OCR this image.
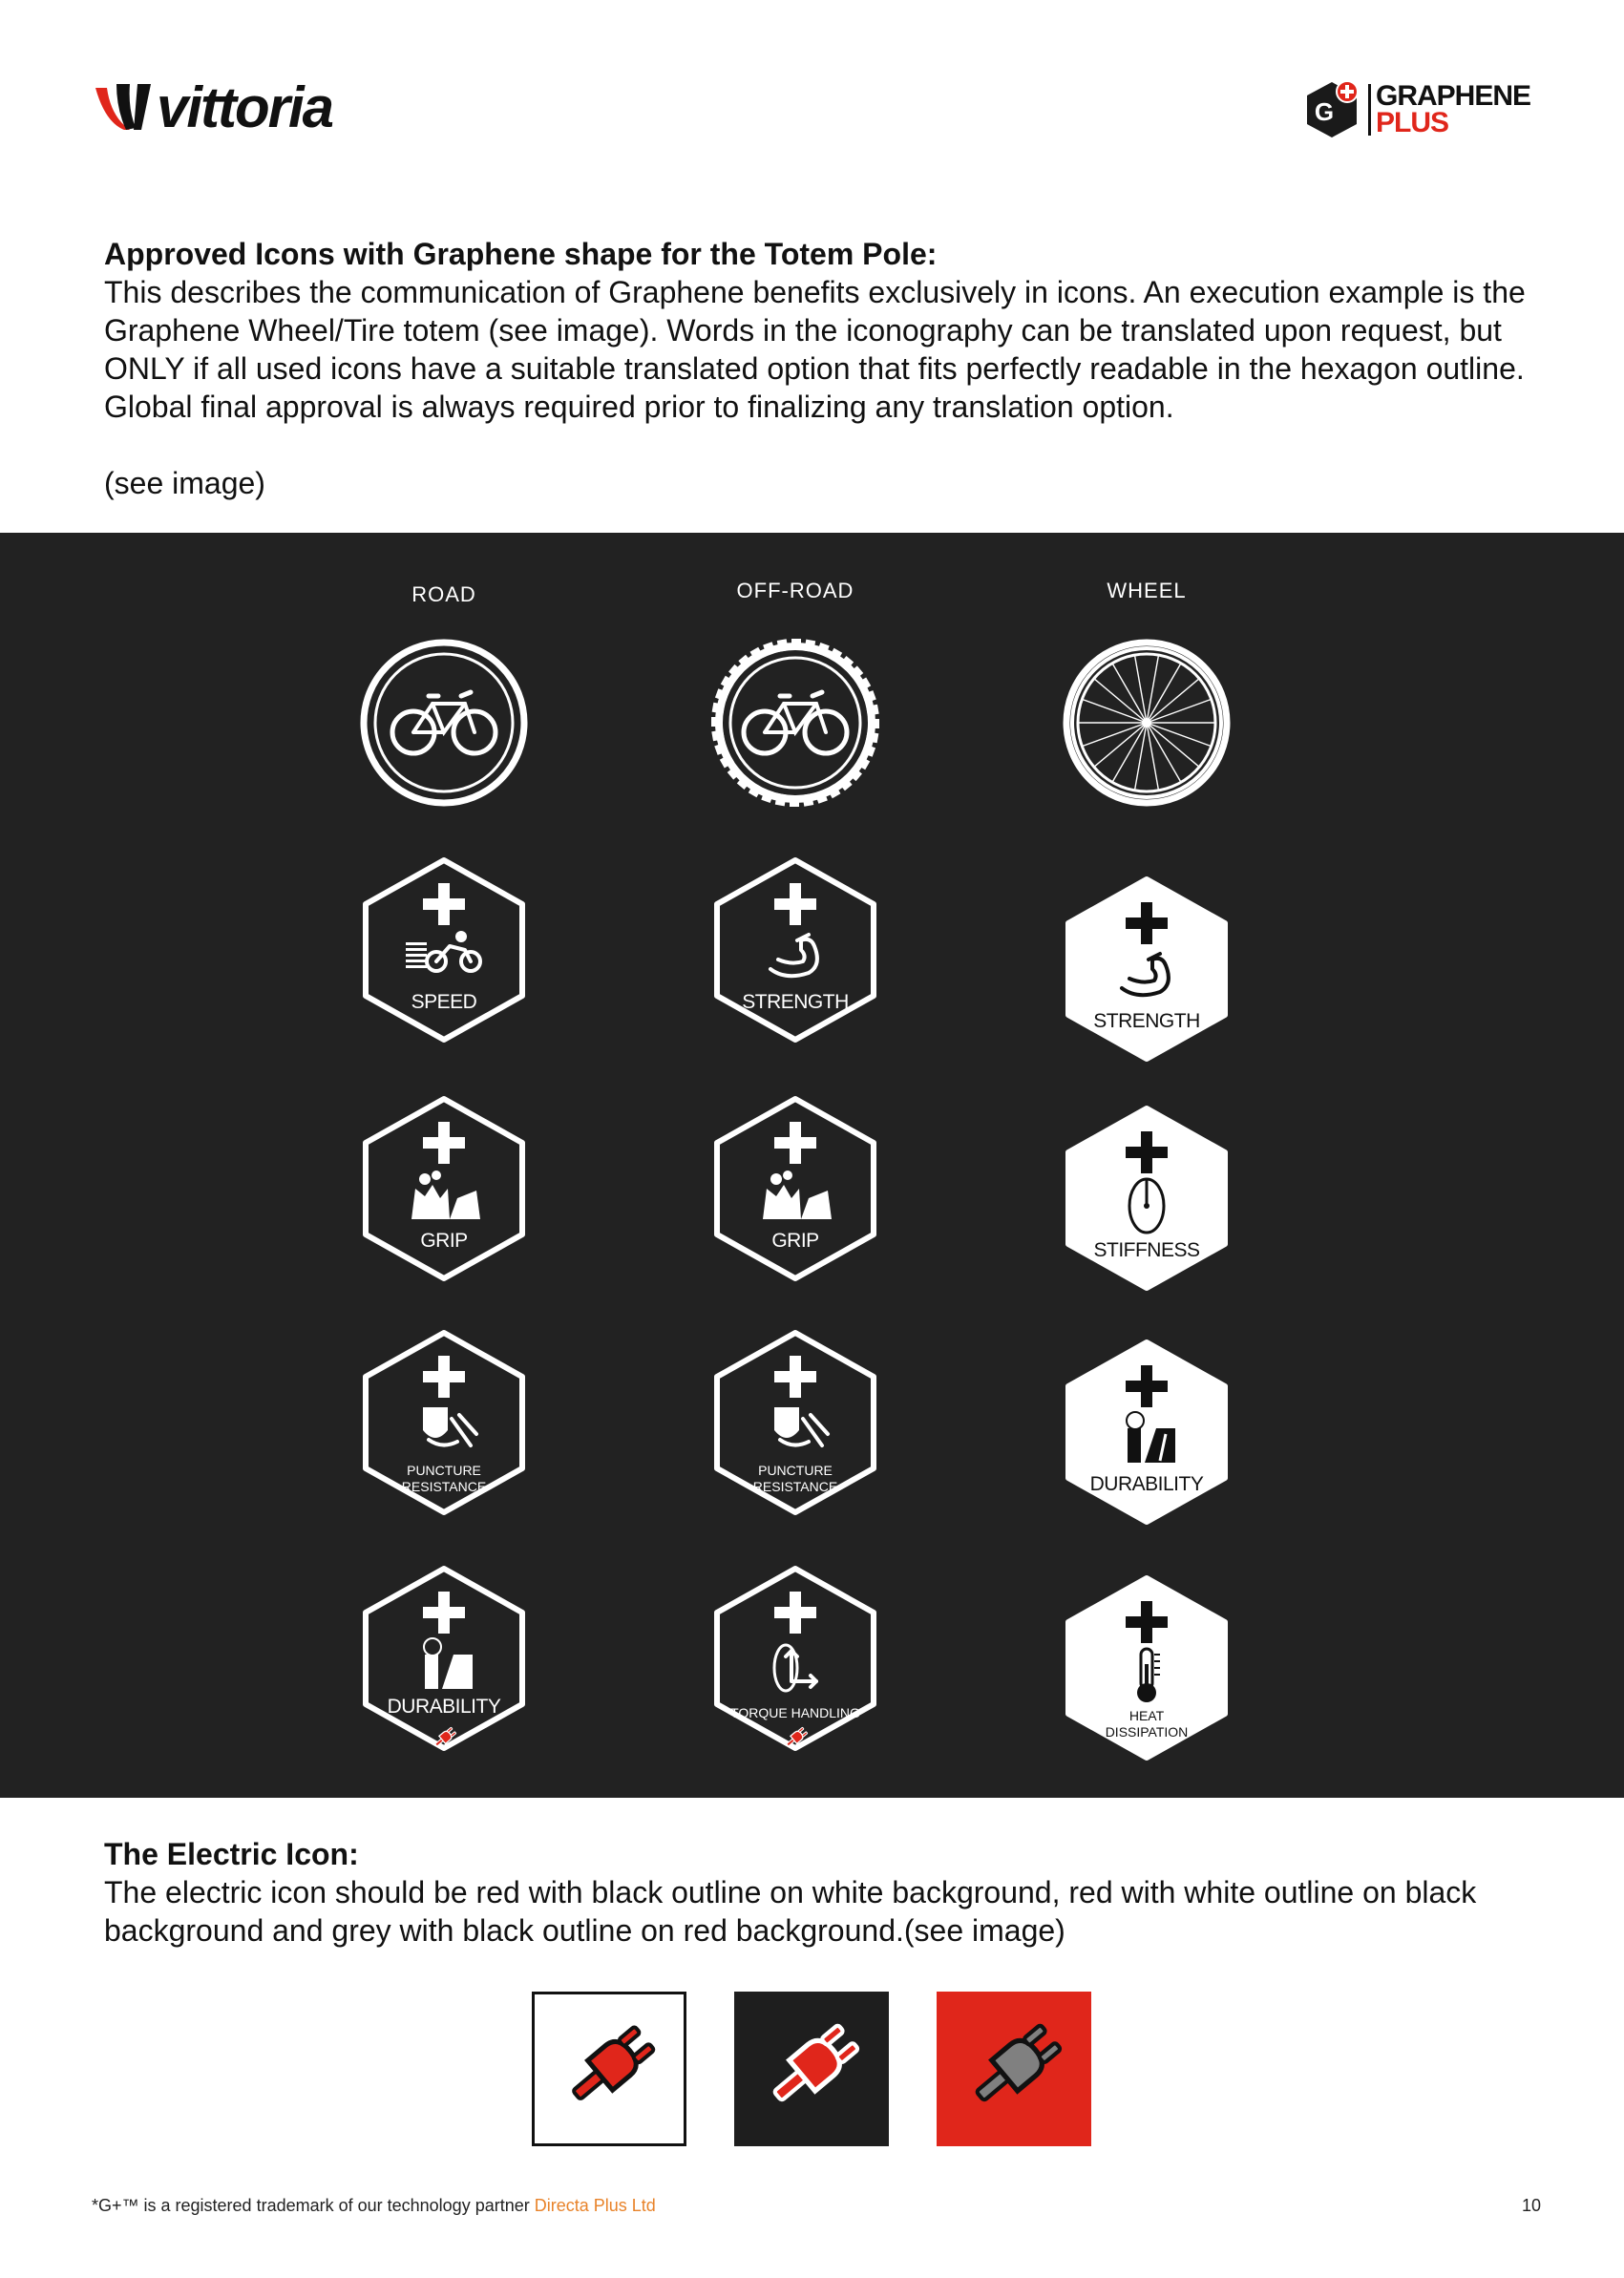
vittoria	G GRAPHENE
PLUS
Approved Icons with Graphene shape for the Totem Pole:

This describes the communication of Graphene benefits exclusively in icons. An execution example is the Graphene Wheel/Tire totem (see image). Words in the iconography can be translated upon request, but ONLY if all used icons have a suitable translated option that fits perfectly readable in the hexagon outline. Global final approval is always required prior to finalizing any translation option.

(see image)
ROAD
SPEED
GRIP
PUNCTURE
RESISTANCE
DURABILITY
OFF-ROAD
STRENGTH
GRIP
PUNCTURE
RESISTANCE
TORQUE HANDLING
WHEEL
STRENGTH
STIFFNESS
DURABILITY
HEAT
DISSIPATION
The Electric Icon:

The electric icon should be red with black outline on white background, red with white outline on black background and grey with black outline on red background.(see image)

*G+™ is a registered trademark of our technology partner Directa Plus Ltd	10
